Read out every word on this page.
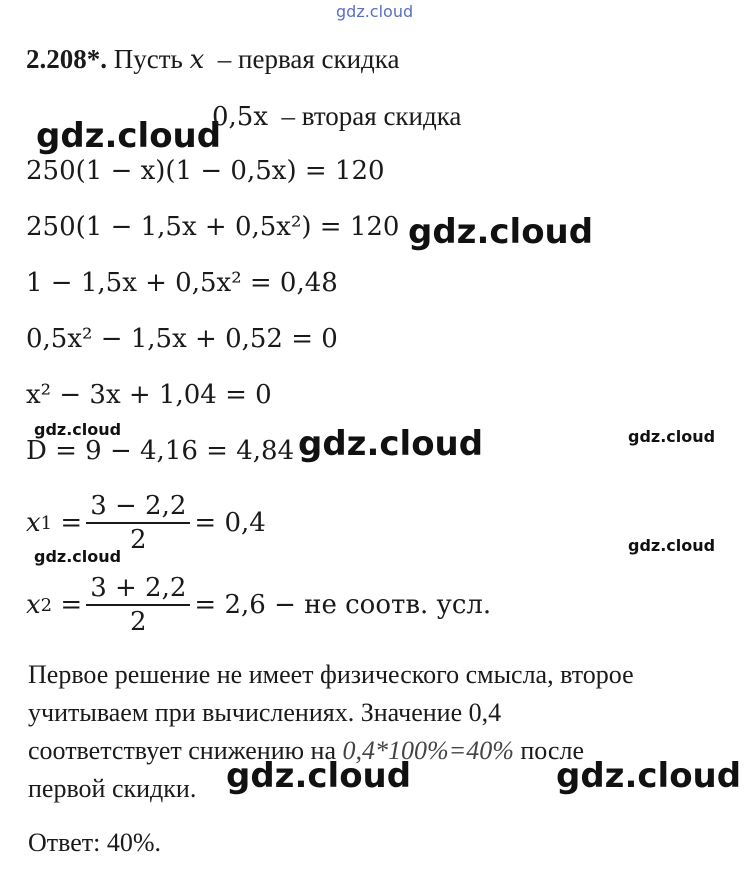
gdz.cloud
gdz.cloud
gdz.cloud
gdz.cloud	gdz.cloud	gdz.cloud
gdz.cloud
gdz.cloud
gdz.cloud	gdz.cloud
2.208*. Пусть x – первая скидка
0,5x – вторая скидка
250(1 − x)(1 − 0,5x) = 120
250(1 − 1,5x + 0,5x²) = 120
1 − 1,5x + 0,5x² = 0,48
0,5x² − 1,5x + 0,52 = 0
x² − 3x + 1,04 = 0
D = 9 − 4,16 = 4,84
x $1 = \frac{3 - 2,2}{2} = 0,4$
x $2 = \frac{3 + 2,2}{2} = 2,6$ − не соотв. усл.
Первое решение не имеет физического смысла, второе
учитываем при вычислениях. Значение 0,4
соответствует снижению на 0,4*100%=40% после
первой скидки.
Ответ: 40%.
